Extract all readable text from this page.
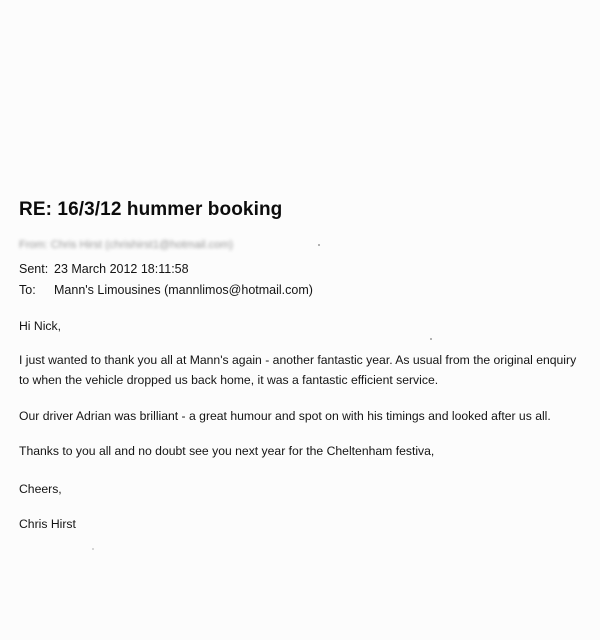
RE: 16/3/12 hummer booking
From: Chris Hirst (chrishirst1@hotmail.com)
Sent: 23 March 2012 18:11:58
To: Mann's Limousines (mannlimos@hotmail.com)
Hi Nick,
I just wanted to thank you all at Mann's again - another fantastic year. As usual from the original enquiry to when the vehicle dropped us back home, it was a fantastic efficient service.
Our driver Adrian was brilliant - a great humour and spot on with his timings and looked after us all.
Thanks to you all and no doubt see you next year for the Cheltenham festiva,
Cheers,
Chris Hirst
